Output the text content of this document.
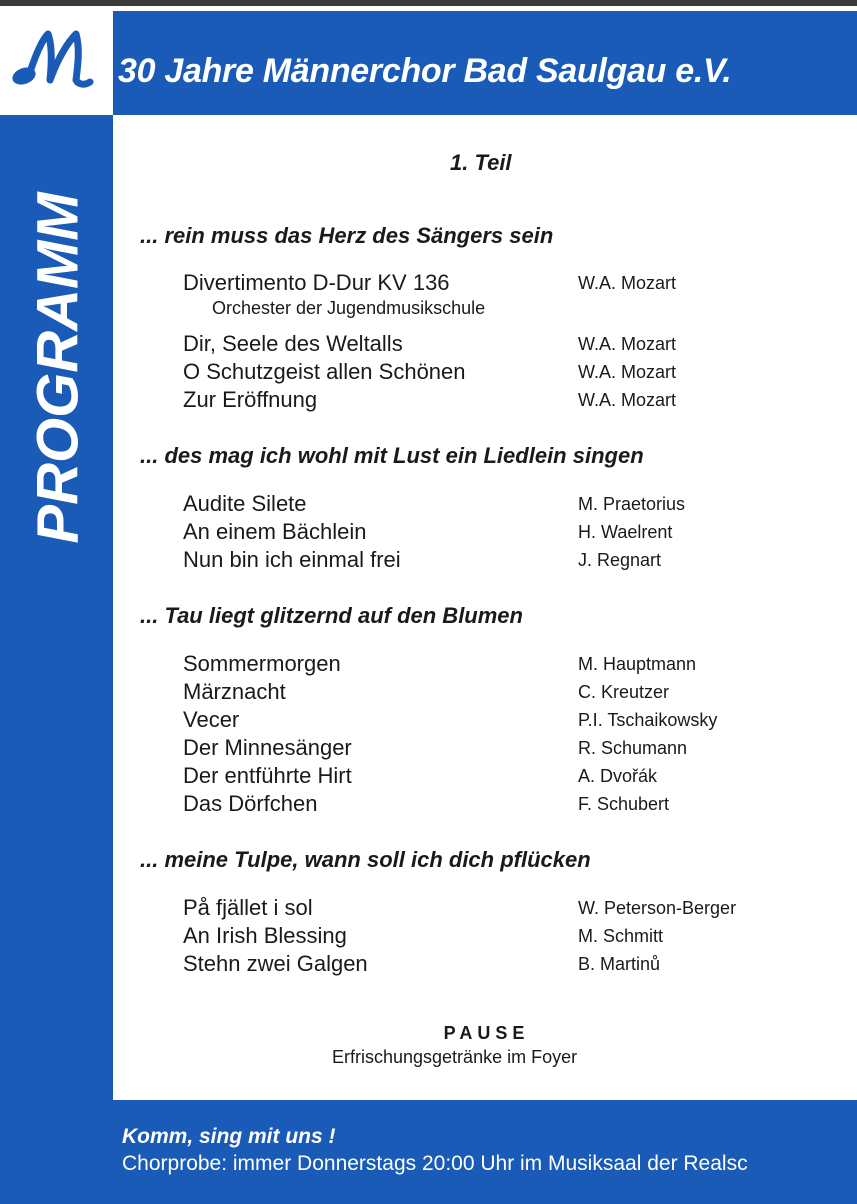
M 30 Jahre Männerchor Bad Saulgau e.V.
PROGRAMM
1. Teil
... rein muss das Herz des Sängers sein
Divertimento D-Dur KV 136	W.A. Mozart
Orchester der Jugendmusikschule
Dir, Seele des Weltalls	W.A. Mozart
O Schutzgeist allen Schönen	W.A. Mozart
Zur Eröffnung	W.A. Mozart
... des mag ich wohl mit Lust ein Liedlein singen
Audite Silete	M. Praetorius
An einem Bächlein	H. Waelrent
Nun bin ich einmal frei	J. Regnart
... Tau liegt glitzernd auf den Blumen
Sommermorgen	M. Hauptmann
Märznacht	C. Kreutzer
Vecer	P.I. Tschaikowsky
Der Minnesänger	R. Schumann
Der entführte Hirt	A. Dvořák
Das Dörfchen	F. Schubert
... meine Tulpe, wann soll ich dich pflücken
På fjället i sol	W. Peterson-Berger
An Irish Blessing	M. Schmitt
Stehn zwei Galgen	B. Martinů
PAUSE
Erfrischungsgetränke im Foyer
Komm, sing mit uns !
Chorprobe: immer Donnerstags 20:00 Uhr im Musiksaal der Realsc
